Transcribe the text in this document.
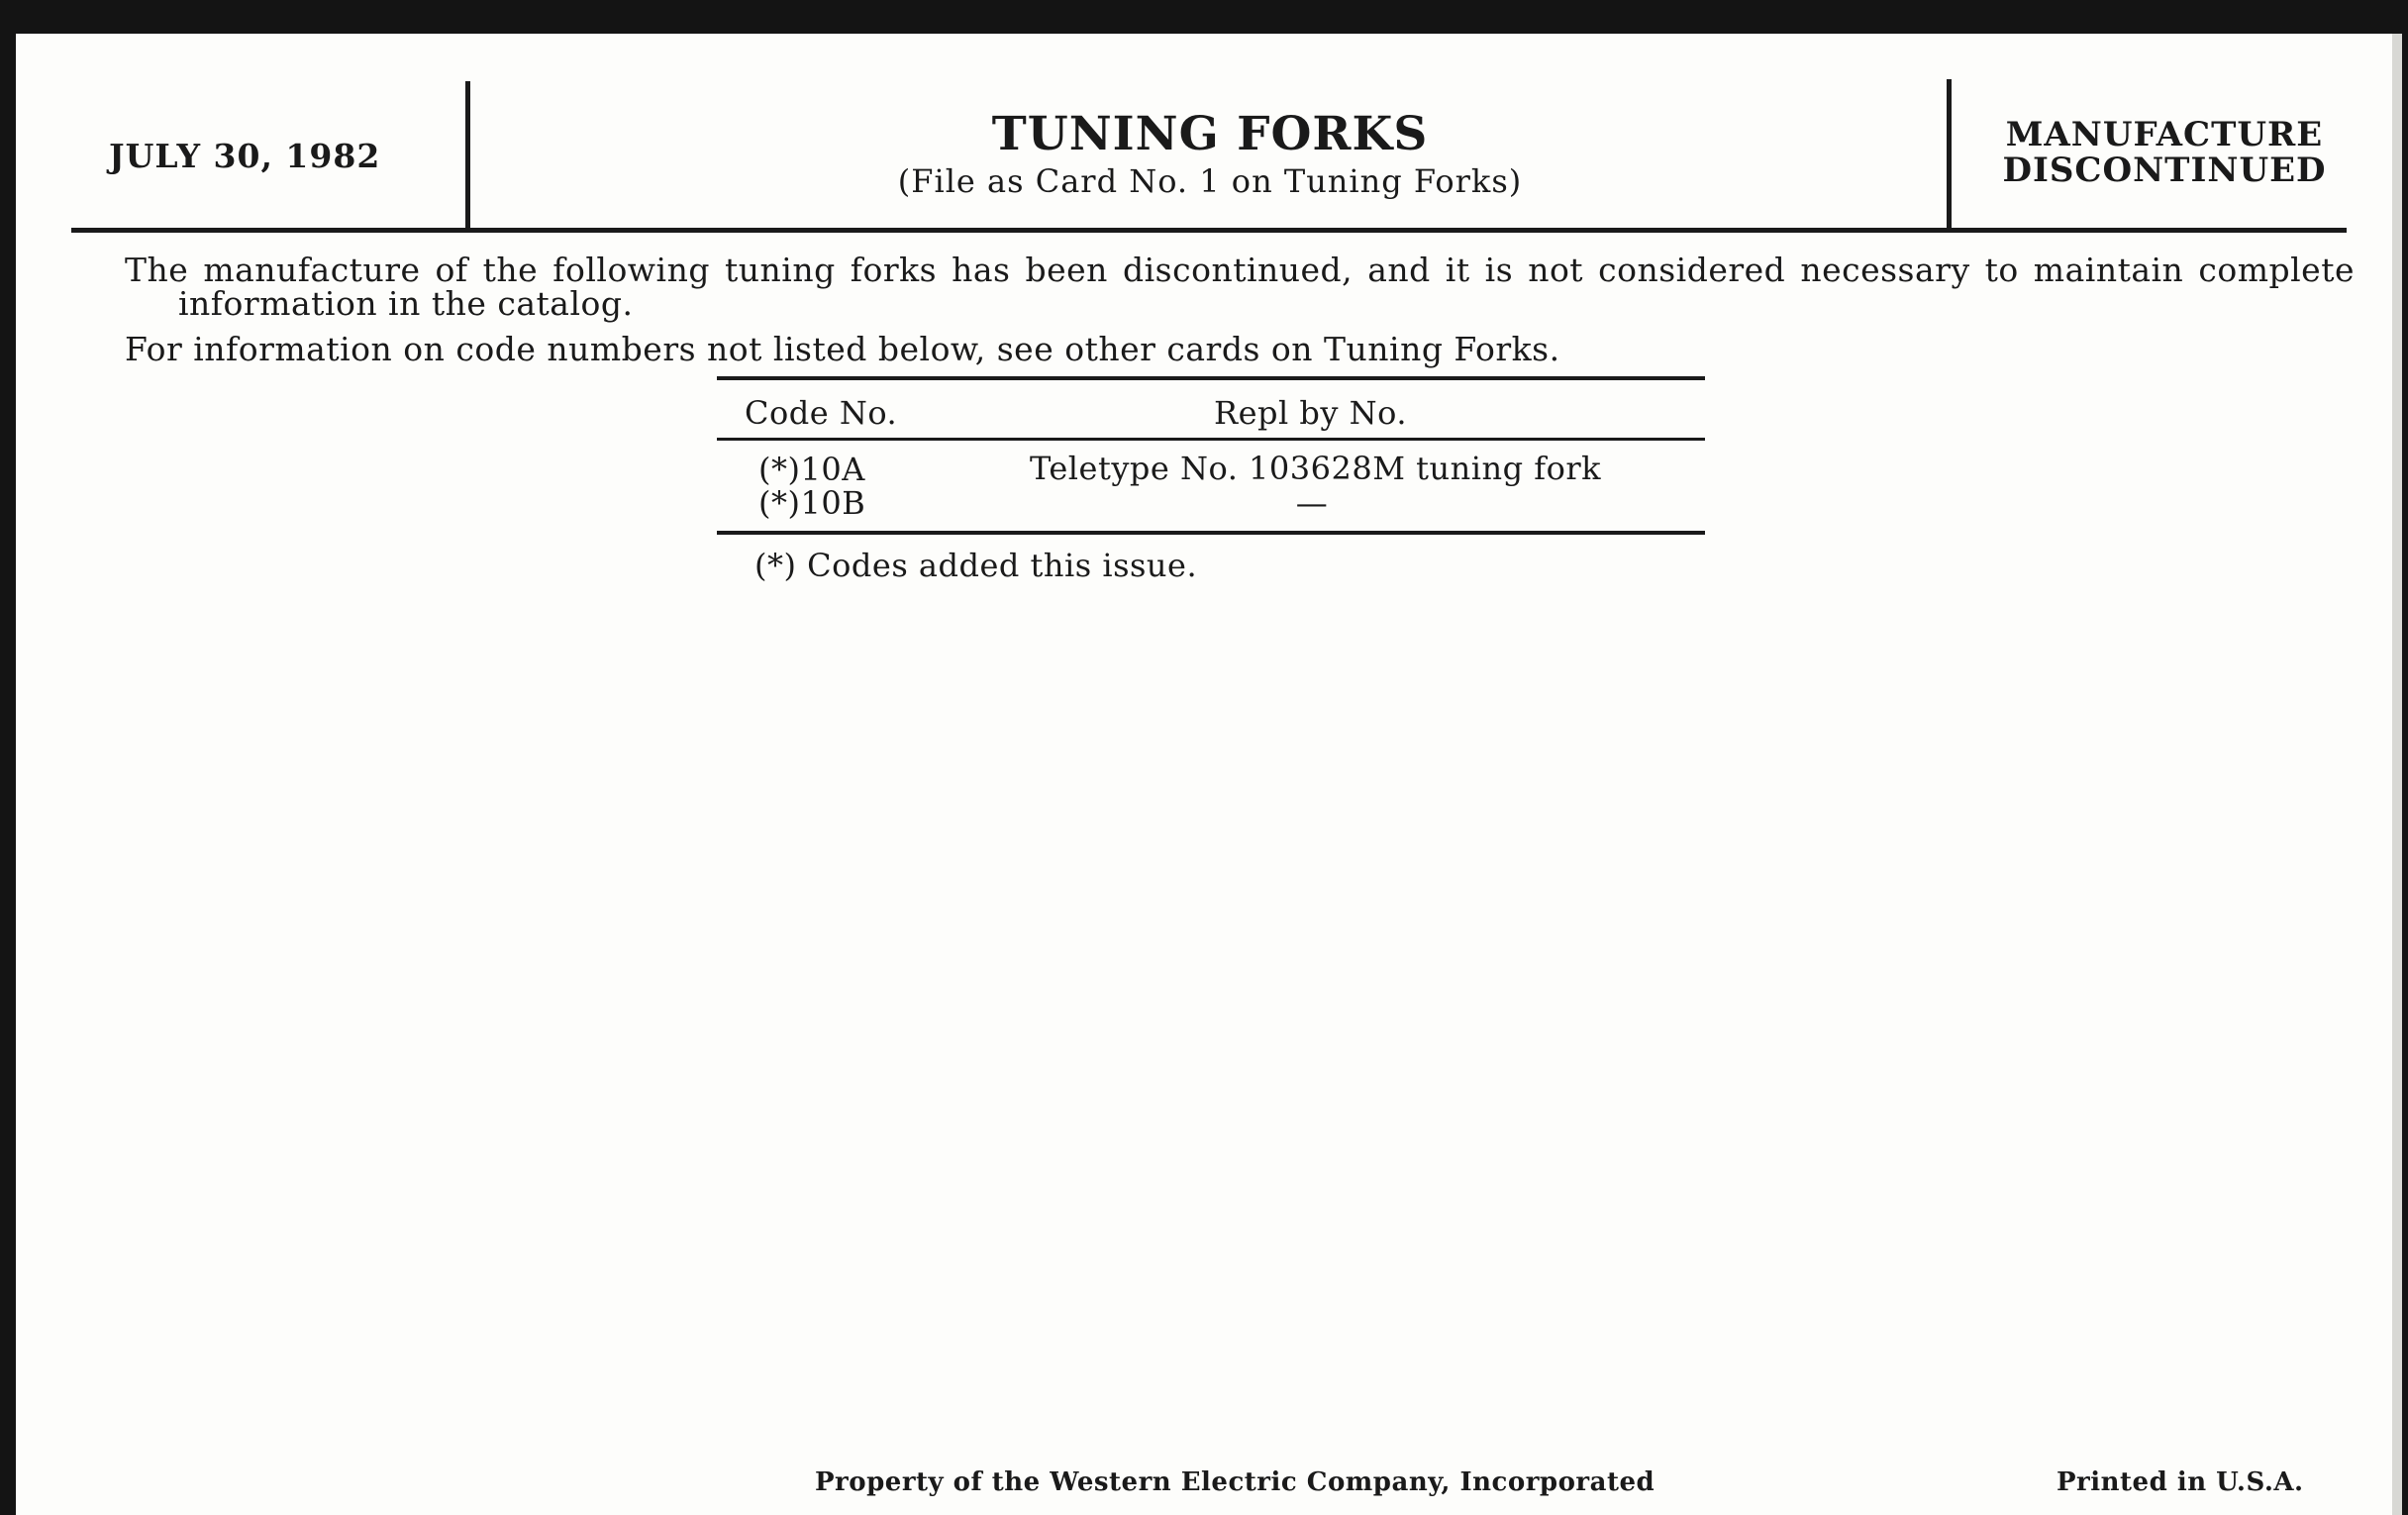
JULY 30, 1982	TUNING FORKS
(File as Card No. 1 on Tuning Forks)
MANUFACTURE
DISCONTINUED
The manufacture of the following tuning forks has been discontinued, and it is not considered necessary to maintain complete information in the catalog.
For information on code numbers not listed below, see other cards on Tuning Forks.
Code No.	Repl by No.
(*)10A	Teletype No. 103628M tuning fork
(*)10B	—
(*) Codes added this issue.
Property of the Western Electric Company, Incorporated	Printed in U.S.A.
